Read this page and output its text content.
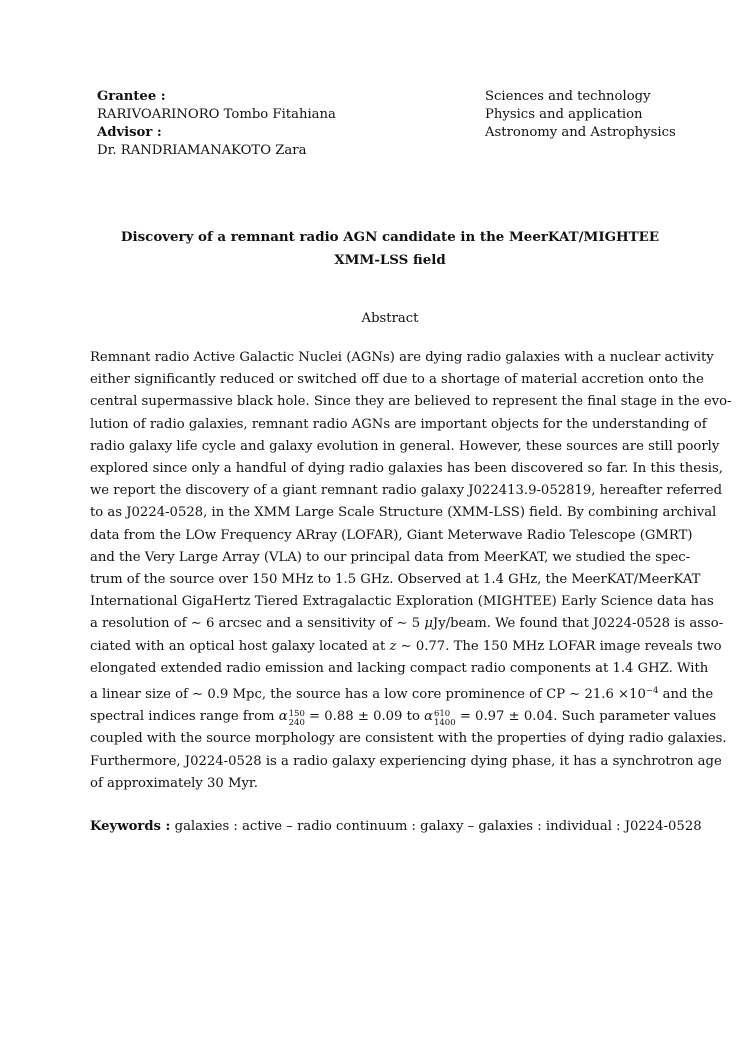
Grantee :
RARIVOARINORO Tombo Fitahiana
Advisor :
Dr. RANDRIAMANAKOTO Zara
Sciences and technology
Physics and application
Astronomy and Astrophysics
Discovery of a remnant radio AGN candidate in the MeerKAT/MIGHTEE
XMM-LSS field
Abstract
Remnant radio Active Galactic Nuclei (AGNs) are dying radio galaxies with a nuclear activity
either significantly reduced or switched off due to a shortage of material accretion onto the
central supermassive black hole. Since they are believed to represent the final stage in the evo-
lution of radio galaxies, remnant radio AGNs are important objects for the understanding of
radio galaxy life cycle and galaxy evolution in general. However, these sources are still poorly
explored since only a handful of dying radio galaxies has been discovered so far. In this thesis,
we report the discovery of a giant remnant radio galaxy J022413.9-052819, hereafter referred
to as J0224-0528, in the XMM Large Scale Structure (XMM-LSS) field. By combining archival
data from the LOw Frequency ARray (LOFAR), Giant Meterwave Radio Telescope (GMRT)
and the Very Large Array (VLA) to our principal data from MeerKAT, we studied the spec-
trum of the source over 150 MHz to 1.5 GHz. Observed at 1.4 GHz, the MeerKAT/MeerKAT
International GigaHertz Tiered Extragalactic Exploration (MIGHTEE) Early Science data has
a resolution of ∼ 6 arcsec and a sensitivity of ∼ 5 μJy/beam. We found that J0224-0528 is asso-
ciated with an optical host galaxy located at z ∼ 0.77. The 150 MHz LOFAR image reveals two
elongated extended radio emission and lacking compact radio components at 1.4 GHZ. With
a linear size of ∼ 0.9 Mpc, the source has a low core prominence of CP ∼ $21.6 \times 10^{-4}$ and the
spectral indices range from α 150
240 = 0.88 ± 0.09 to α 610
1400 = 0.97 ± 0.04. Such parameter values
coupled with the source morphology are consistent with the properties of dying radio galaxies.
Furthermore, J0224-0528 is a radio galaxy experiencing dying phase, it has a synchrotron age
of approximately 30 Myr.
Keywords : galaxies : active – radio continuum : galaxy – galaxies : individual : J0224-0528
